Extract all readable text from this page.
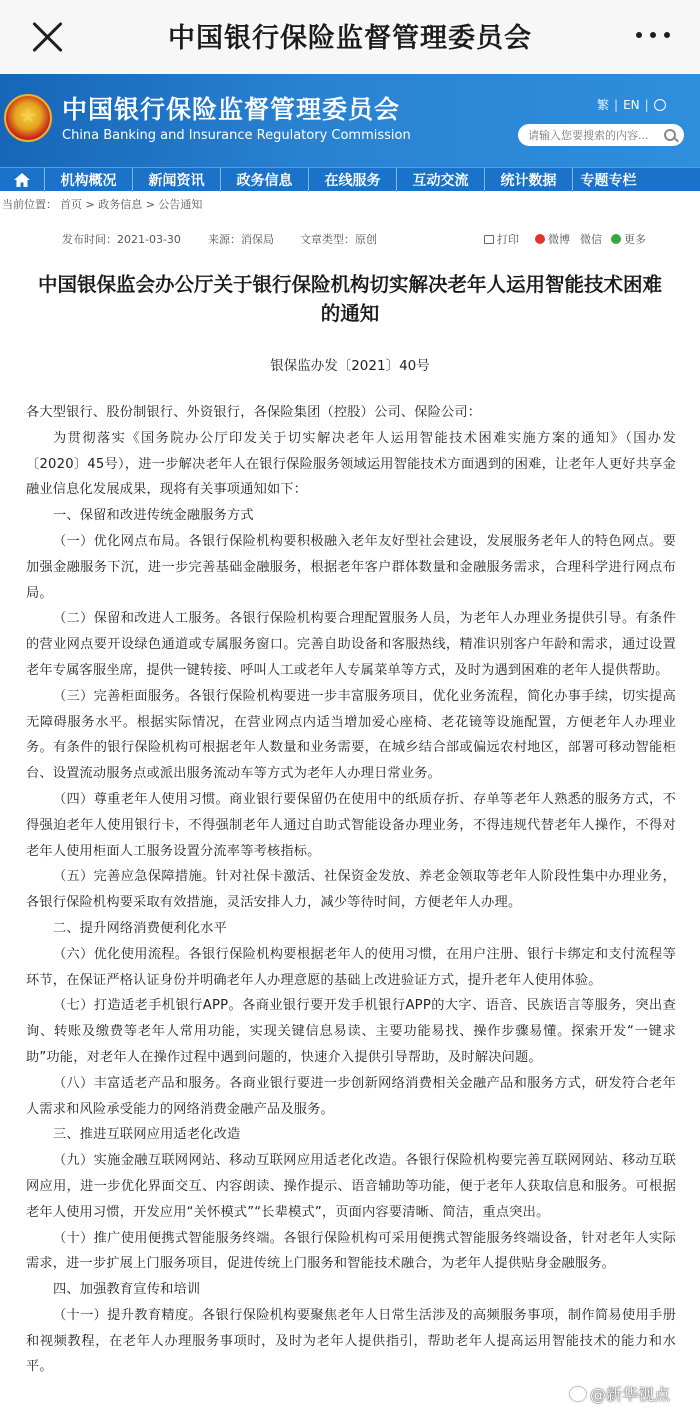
中国银行保险监督管理委员会
中国银行保险监督管理委员会
China Banking and Insurance Regulatory Commission
繁 | EN |
请输入您要搜索的内容...
机构概况	新闻资讯	政务信息	在线服务	互动交流	统计数据	专题专栏
当前位置： 首页 > 政务信息 > 公告通知
发布时间：2021-03-30 来源：消保局 文章类型：原创	打印	微博 微信 更多
中国银保监会办公厅关于银行保险机构切实解决老年人运用智能技术困难的通知
银保监办发〔2021〕40号

各大型银行、股份制银行、外资银行，各保险集团（控股）公司、保险公司：

为贯彻落实《国务院办公厅印发关于切实解决老年人运用智能技术困难实施方案的通知》（国办发〔2020〕45号），进一步解决老年人在银行保险服务领域运用智能技术方面遇到的困难，让老年人更好共享金融业信息化发展成果，现将有关事项通知如下：

一、保留和改进传统金融服务方式

（一）优化网点布局。各银行保险机构要积极融入老年友好型社会建设，发展服务老年人的特色网点。要加强金融服务下沉，进一步完善基础金融服务，根据老年客户群体数量和金融服务需求，合理科学进行网点布局。

（二）保留和改进人工服务。各银行保险机构要合理配置服务人员，为老年人办理业务提供引导。有条件的营业网点要开设绿色通道或专属服务窗口。完善自助设备和客服热线，精准识别客户年龄和需求，通过设置老年专属客服坐席，提供一键转接、呼叫人工或老年人专属菜单等方式，及时为遇到困难的老年人提供帮助。

（三）完善柜面服务。各银行保险机构要进一步丰富服务项目，优化业务流程，简化办事手续，切实提高无障碍服务水平。根据实际情况，在营业网点内适当增加爱心座椅、老花镜等设施配置，方便老年人办理业务。有条件的银行保险机构可根据老年人数量和业务需要，在城乡结合部或偏远农村地区，部署可移动智能柜台、设置流动服务点或派出服务流动车等方式为老年人办理日常业务。

（四）尊重老年人使用习惯。商业银行要保留仍在使用中的纸质存折、存单等老年人熟悉的服务方式，不得强迫老年人使用银行卡，不得强制老年人通过自助式智能设备办理业务，不得违规代替老年人操作，不得对老年人使用柜面人工服务设置分流率等考核指标。

（五）完善应急保障措施。针对社保卡激活、社保资金发放、养老金领取等老年人阶段性集中办理业务，各银行保险机构要采取有效措施，灵活安排人力，减少等待时间，方便老年人办理。

二、提升网络消费便利化水平

（六）优化使用流程。各银行保险机构要根据老年人的使用习惯，在用户注册、银行卡绑定和支付流程等环节，在保证严格认证身份并明确老年人办理意愿的基础上改进验证方式，提升老年人使用体验。

（七）打造适老手机银行APP。各商业银行要开发手机银行APP的大字、语音、民族语言等服务，突出查询、转账及缴费等老年人常用功能，实现关键信息易读、主要功能易找、操作步骤易懂。探索开发“一键求助”功能，对老年人在操作过程中遇到问题的，快速介入提供引导帮助，及时解决问题。

（八）丰富适老产品和服务。各商业银行要进一步创新网络消费相关金融产品和服务方式，研发符合老年人需求和风险承受能力的网络消费金融产品及服务。

三、推进互联网应用适老化改造

（九）实施金融互联网网站、移动互联网应用适老化改造。各银行保险机构要完善互联网网站、移动互联网应用，进一步优化界面交互、内容朗读、操作提示、语音辅助等功能，便于老年人获取信息和服务。可根据老年人使用习惯，开发应用“关怀模式”“长辈模式”，页面内容要清晰、简洁，重点突出。

（十）推广使用便携式智能服务终端。各银行保险机构可采用便携式智能服务终端设备，针对老年人实际需求，进一步扩展上门服务项目，促进传统上门服务和智能技术融合，为老年人提供贴身金融服务。

四、加强教育宣传和培训

（十一）提升教育精度。各银行保险机构要聚焦老年人日常生活涉及的高频服务事项，制作简易使用手册和视频教程，在老年人办理服务事项时，及时为老年人提供指引，帮助老年人提高运用智能技术的能力和水平。

@新华视点
